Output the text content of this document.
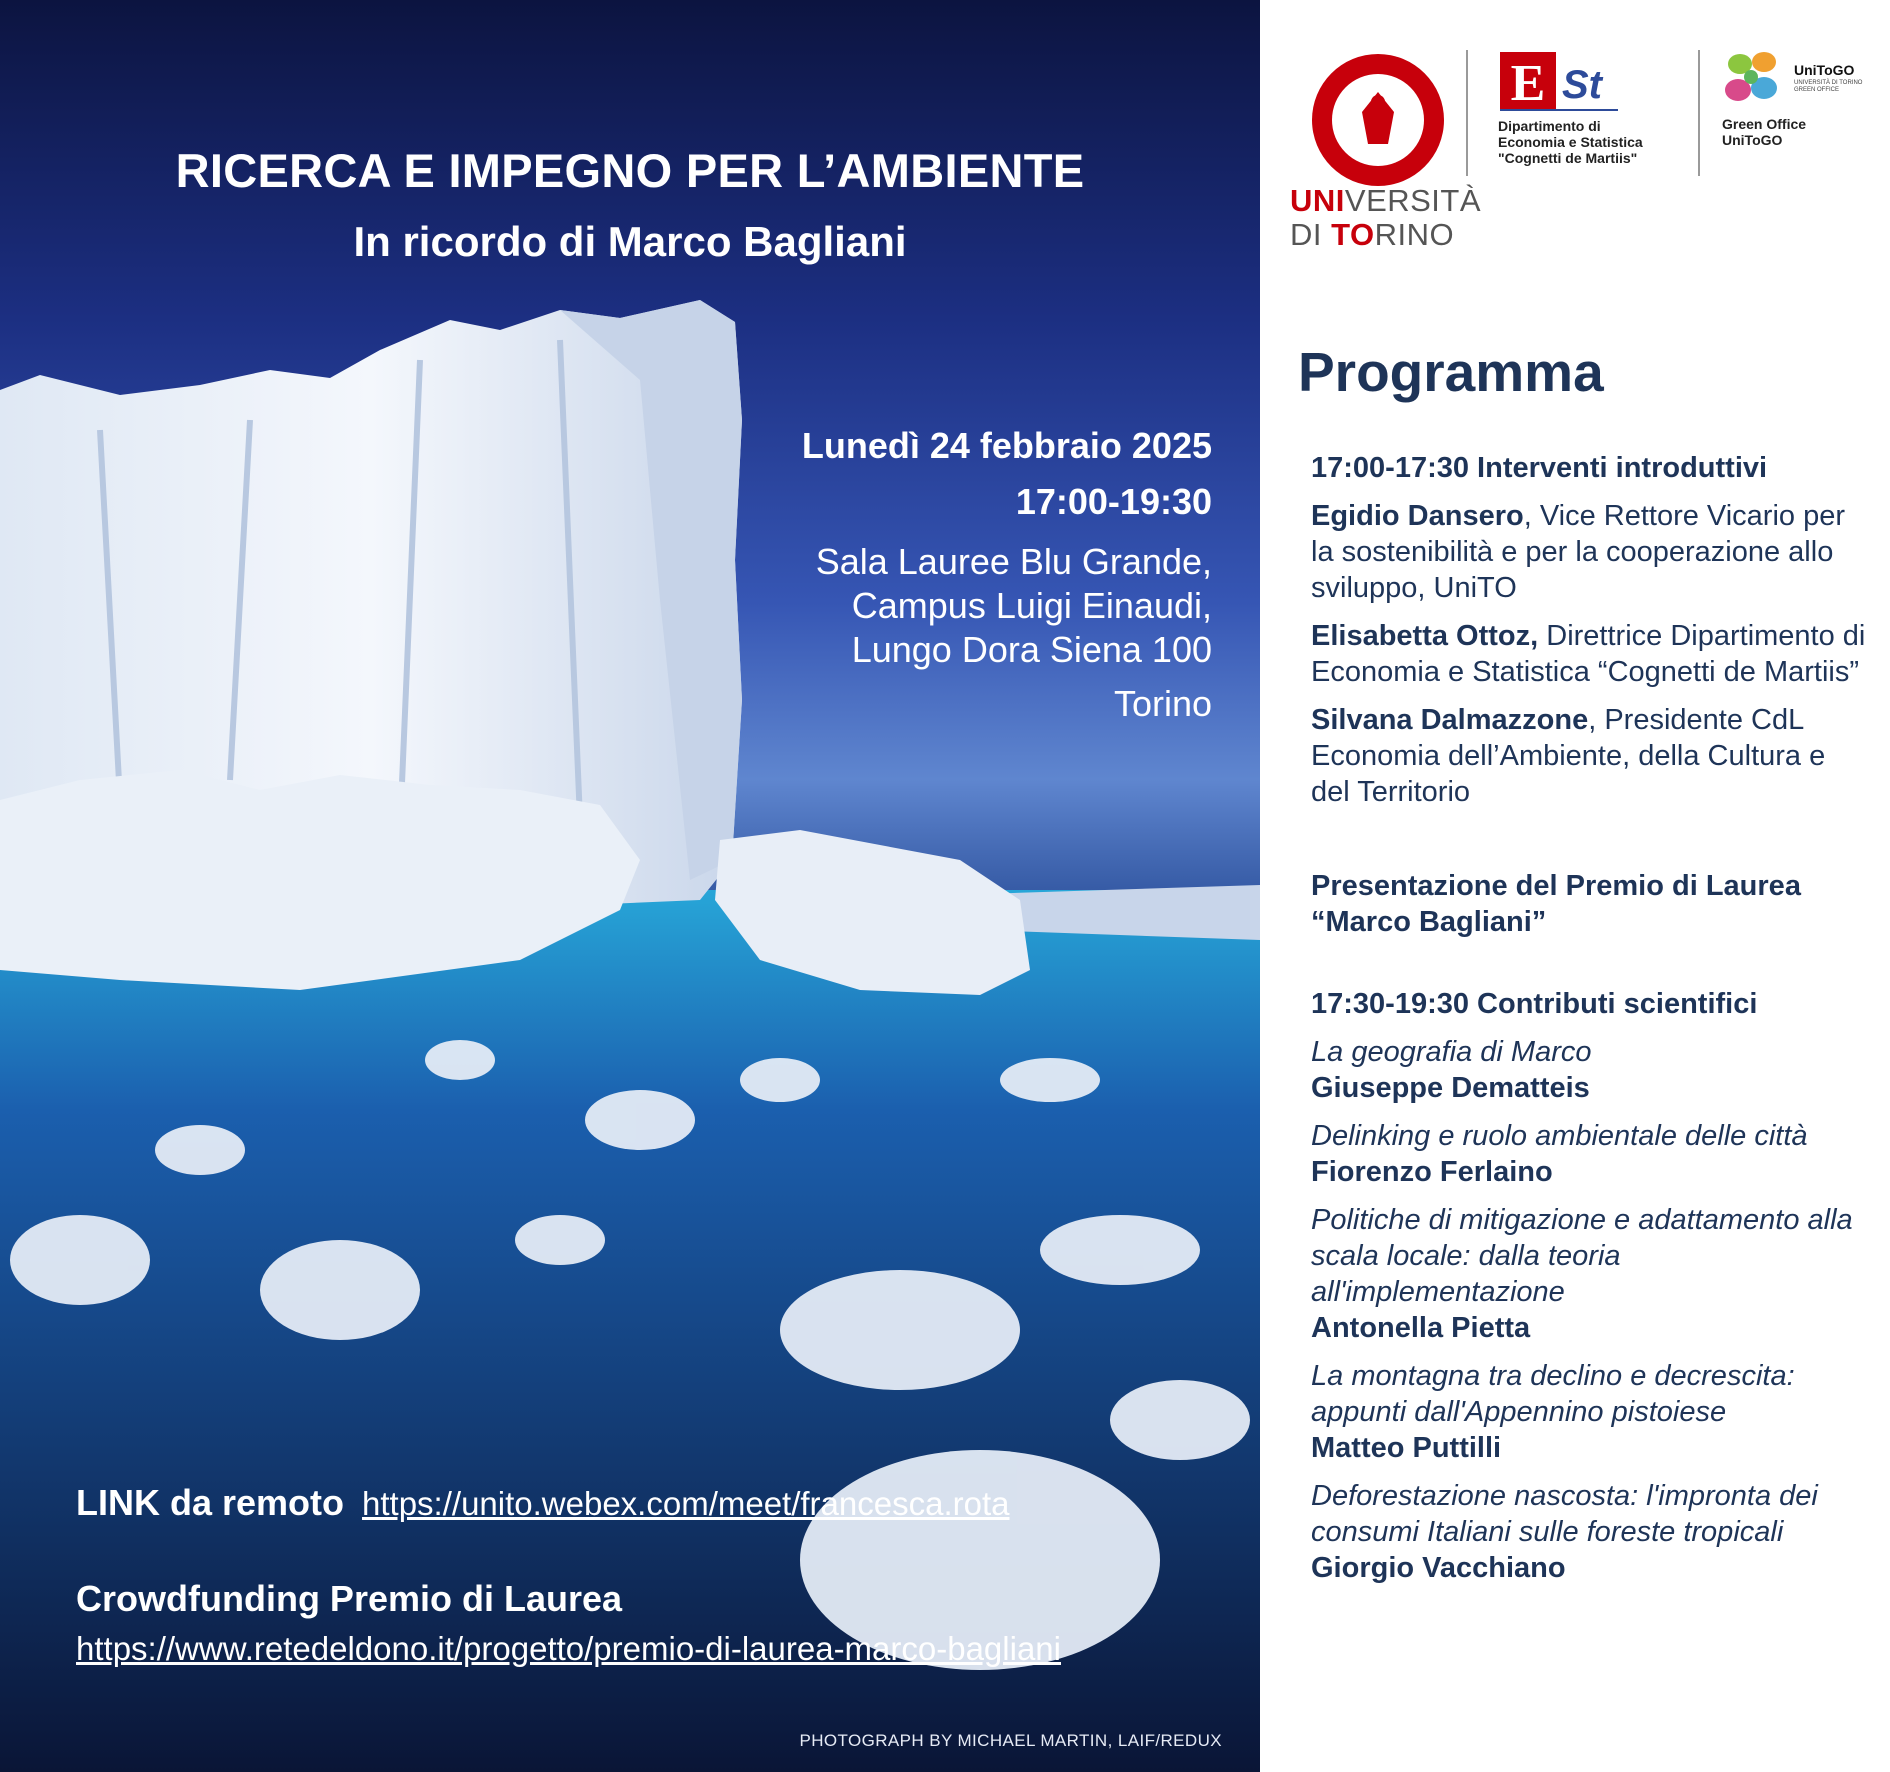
RICERCA E IMPEGNO PER L’AMBIENTE
In ricordo di Marco Bagliani
Lunedì 24 febbraio 2025
17:00-19:30
Sala Lauree Blu Grande,
Campus Luigi Einaudi,
Lungo Dora Siena 100
Torino
LINK da remoto https://unito.webex.com/meet/francesca.rota
Crowdfunding Premio di Laurea
https://www.retedeldono.it/progetto/premio-di-laurea-marco-bagliani
PHOTOGRAPH BY MICHAEL MARTIN, LAIF/REDUX
UNIVERSITÀ
DI TORINO
E St
Dipartimento di
Economia e Statistica
"Cognetti de Martiis"
UniToGO
UNIVERSITÀ DI TORINO GREEN OFFICE
Green Office
UniToGO
Programma
17:00-17:30 Interventi introduttivi
Egidio Dansero, Vice Rettore Vicario per la sostenibilità e per la cooperazione allo sviluppo, UniTO
Elisabetta Ottoz, Direttrice Dipartimento di Economia e Statistica “Cognetti de Martiis”
Silvana Dalmazzone, Presidente CdL Economia dell’Ambiente, della Cultura e del Territorio
Presentazione del Premio di Laurea
“Marco Bagliani”
17:30-19:30 Contributi scientifici
La geografia di Marco
Giuseppe Dematteis
Delinking e ruolo ambientale delle città
Fiorenzo Ferlaino
Politiche di mitigazione e adattamento alla scala locale: dalla teoria all'implementazione
Antonella Pietta
La montagna tra declino e decrescita: appunti dall'Appennino pistoiese
Matteo Puttilli
Deforestazione nascosta: l'impronta dei consumi Italiani sulle foreste tropicali
Giorgio Vacchiano
